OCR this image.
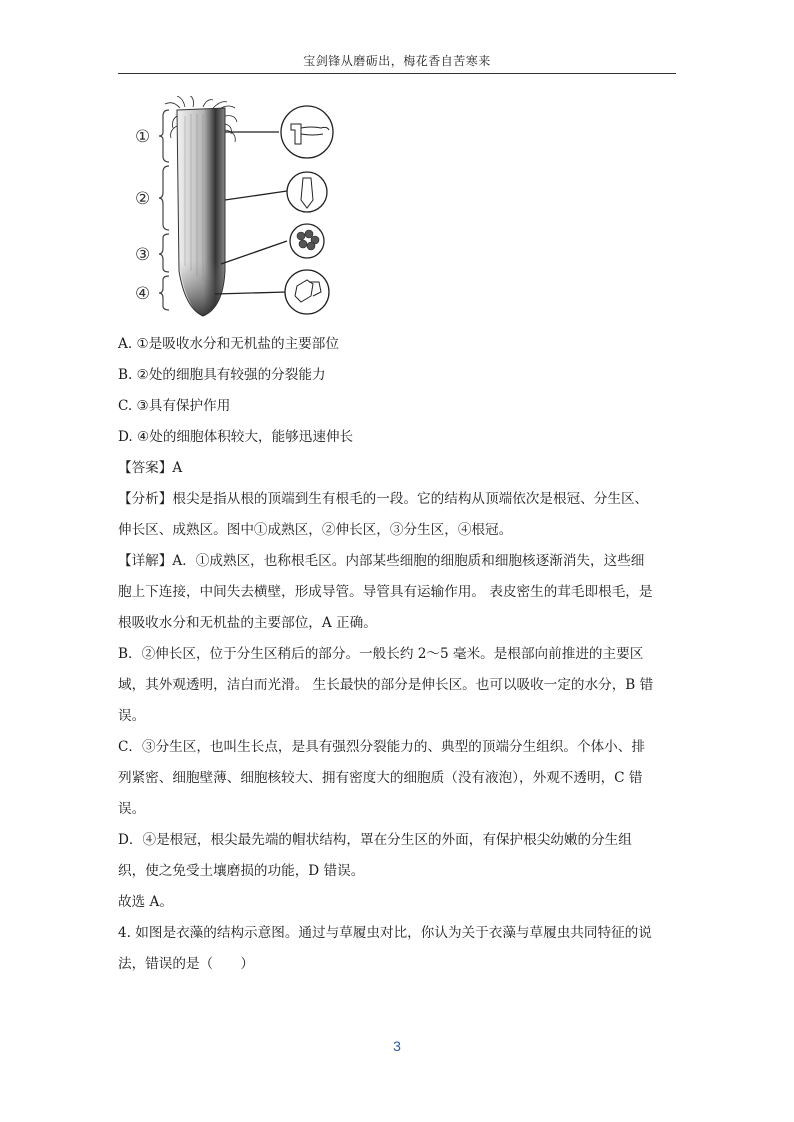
宝剑锋从磨砺出，梅花香自苦寒来
①
②
③
④
A. ①是吸收水分和无机盐的主要部位
B. ②处的细胞具有较强的分裂能力
C. ③具有保护作用
D. ④处的细胞体积较大，能够迅速伸长
【答案】A
【分析】根尖是指从根的顶端到生有根毛的一段。它的结构从顶端依次是根冠、分生区、
伸长区、成熟区。图中①成熟区，②伸长区，③分生区，④根冠。
【详解】A．①成熟区，也称根毛区。内部某些细胞的细胞质和细胞核逐渐消失，这些细
胞上下连接，中间失去横壁，形成导管。导管具有运输作用。 表皮密生的茸毛即根毛，是
根吸收水分和无机盐的主要部位，A 正确。
B．②伸长区，位于分生区稍后的部分。一般长约 2～5 毫米。是根部向前推进的主要区
域，其外观透明，洁白而光滑。 生长最快的部分是伸长区。也可以吸收一定的水分，B 错
误。
C．③分生区，也叫生长点，是具有强烈分裂能力的、典型的顶端分生组织。个体小、排
列紧密、细胞壁薄、细胞核较大、拥有密度大的细胞质（没有液泡），外观不透明，C 错
误。
D．④是根冠，根尖最先端的帽状结构，罩在分生区的外面，有保护根尖幼嫩的分生组
织，使之免受土壤磨损的功能，D 错误。
故选 A。
4. 如图是衣藻的结构示意图。通过与草履虫对比，你认为关于衣藻与草履虫共同特征的说
法，错误的是（　　）
3
